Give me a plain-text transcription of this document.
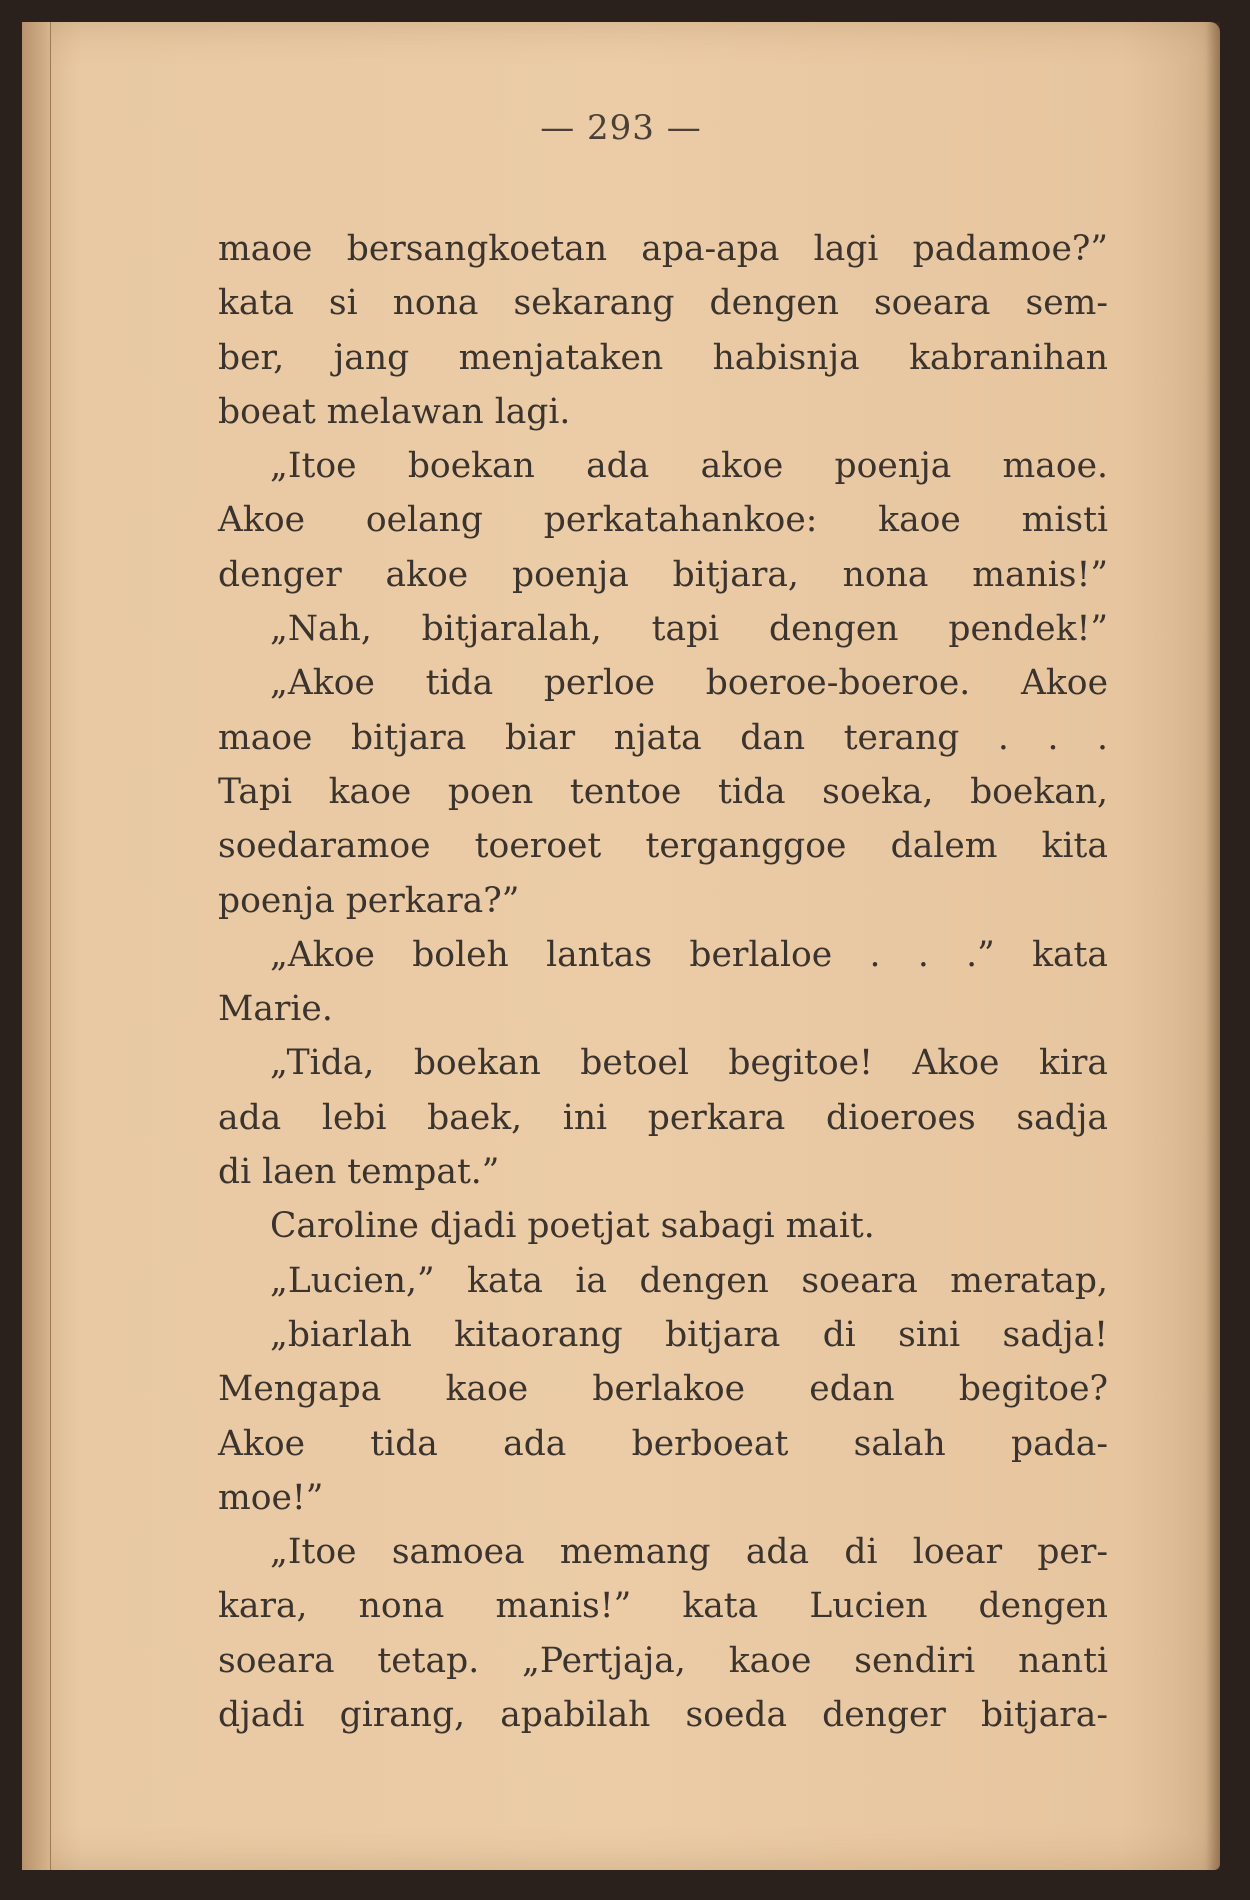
— 293 —
maoe bersangkoetan apa-apa lagi padamoe?”
kata si nona sekarang dengen soeara sem-
ber, jang menjataken habisnja kabranihan
boeat melawan lagi.
„Itoe boekan ada akoe poenja maoe.
Akoe oelang perkatahankoe: kaoe misti
denger akoe poenja bitjara, nona manis!”
„Nah, bitjaralah, tapi dengen pendek!”
„Akoe tida perloe boeroe-boeroe. Akoe
maoe bitjara biar njata dan terang . . .
Tapi kaoe poen tentoe tida soeka, boekan,
soedaramoe toeroet terganggoe dalem kita
poenja perkara?”
„Akoe boleh lantas berlaloe . . .” kata
Marie.
„Tida, boekan betoel begitoe! Akoe kira
ada lebi baek, ini perkara dioeroes sadja
di laen tempat.”
Caroline djadi poetjat sabagi mait.
„Lucien,” kata ia dengen soeara meratap,
„biarlah kitaorang bitjara di sini sadja!
Mengapa kaoe berlakoe edan begitoe?
Akoe tida ada berboeat salah pada-
moe!”
„Itoe samoea memang ada di loear per-
kara, nona manis!” kata Lucien dengen
soeara tetap. „Pertjaja, kaoe sendiri nanti
djadi girang, apabilah soeda denger bitjara-
